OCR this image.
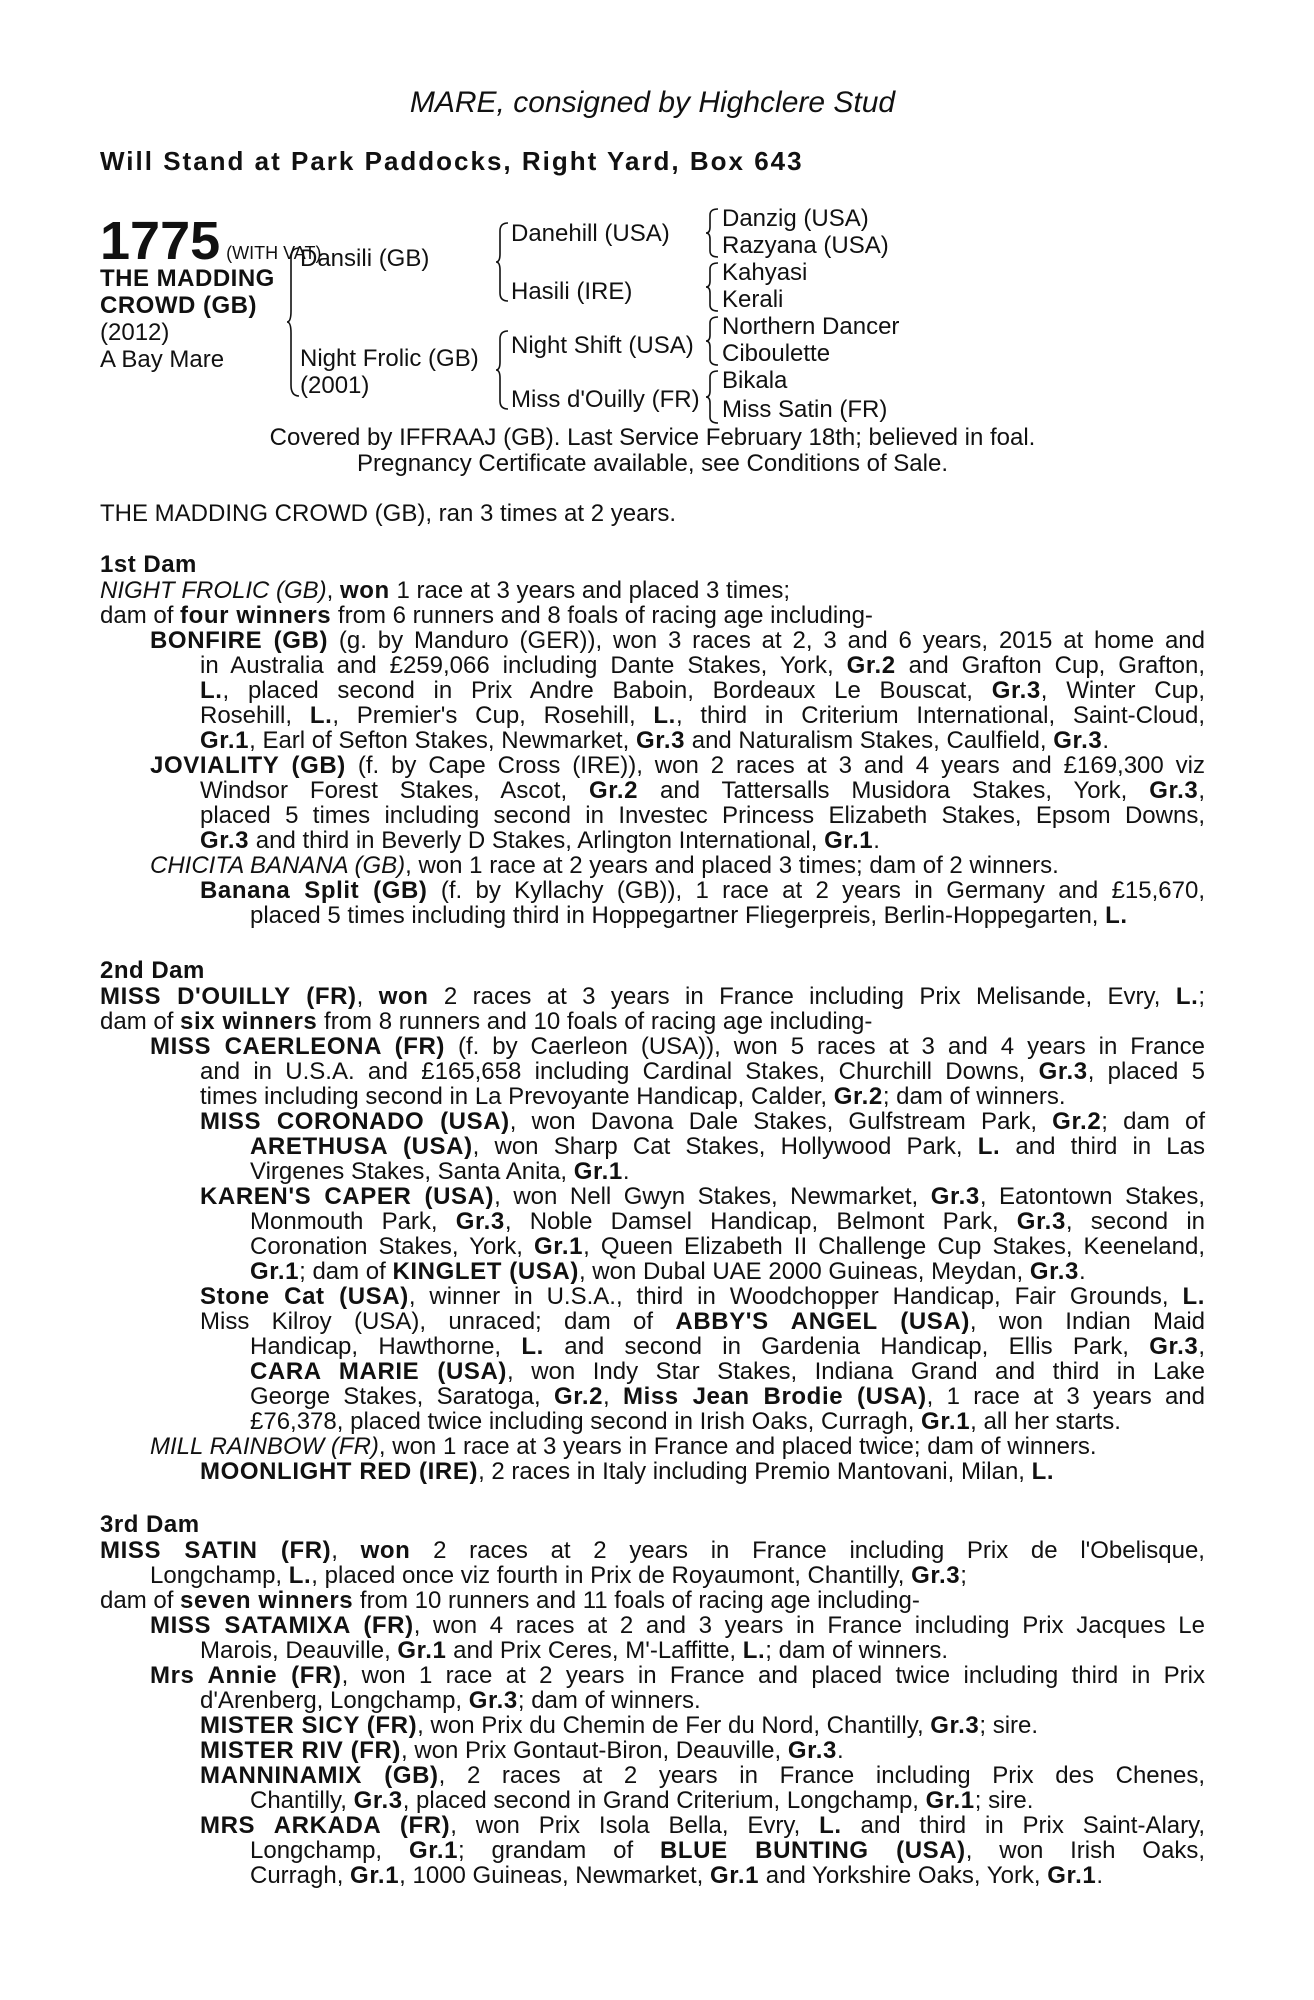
MARE, consigned by Highclere Stud
Will Stand at Park Paddocks, Right Yard, Box 643
1775 (WITH VAT)
THE MADDING
CROWD (GB)
(2012)
A Bay Mare
Dansili (GB)
Night Frolic (GB)
(2001)
Danehill (USA)
Hasili (IRE)
Night Shift (USA)
Miss d'Ouilly (FR)
Danzig (USA)
Razyana (USA)
Kahyasi
Kerali
Northern Dancer
Ciboulette
Bikala
Miss Satin (FR)
Covered by IFFRAAJ (GB). Last Service February 18th; believed in foal.
Pregnancy Certificate available, see Conditions of Sale.
THE MADDING CROWD (GB), ran 3 times at 2 years.
1st Dam
2nd Dam
3rd Dam
NIGHT FROLIC (GB), won 1 race at 3 years and placed 3 times;
dam of four winners from 6 runners and 8 foals of racing age including-
BONFIRE (GB) (g. by Manduro (GER)), won 3 races at 2, 3 and 6 years, 2015 at home and
in Australia and £259,066 including Dante Stakes, York, Gr.2 and Grafton Cup, Grafton,
L., placed second in Prix Andre Baboin, Bordeaux Le Bouscat, Gr.3, Winter Cup,
Rosehill, L., Premier's Cup, Rosehill, L., third in Criterium International, Saint-Cloud,
Gr.1, Earl of Sefton Stakes, Newmarket, Gr.3 and Naturalism Stakes, Caulfield, Gr.3.
JOVIALITY (GB) (f. by Cape Cross (IRE)), won 2 races at 3 and 4 years and £169,300 viz
Windsor Forest Stakes, Ascot, Gr.2 and Tattersalls Musidora Stakes, York, Gr.3,
placed 5 times including second in Investec Princess Elizabeth Stakes, Epsom Downs,
Gr.3 and third in Beverly D Stakes, Arlington International, Gr.1.
CHICITA BANANA (GB), won 1 race at 2 years and placed 3 times; dam of 2 winners.
Banana Split (GB) (f. by Kyllachy (GB)), 1 race at 2 years in Germany and £15,670,
placed 5 times including third in Hoppegartner Fliegerpreis, Berlin-Hoppegarten, L.
MISS D'OUILLY (FR), won 2 races at 3 years in France including Prix Melisande, Evry, L.;
dam of six winners from 8 runners and 10 foals of racing age including-
MISS CAERLEONA (FR) (f. by Caerleon (USA)), won 5 races at 3 and 4 years in France
and in U.S.A. and £165,658 including Cardinal Stakes, Churchill Downs, Gr.3, placed 5
times including second in La Prevoyante Handicap, Calder, Gr.2; dam of winners.
MISS CORONADO (USA), won Davona Dale Stakes, Gulfstream Park, Gr.2; dam of
ARETHUSA (USA), won Sharp Cat Stakes, Hollywood Park, L. and third in Las
Virgenes Stakes, Santa Anita, Gr.1.
KAREN'S CAPER (USA), won Nell Gwyn Stakes, Newmarket, Gr.3, Eatontown Stakes,
Monmouth Park, Gr.3, Noble Damsel Handicap, Belmont Park, Gr.3, second in
Coronation Stakes, York, Gr.1, Queen Elizabeth II Challenge Cup Stakes, Keeneland,
Gr.1; dam of KINGLET (USA), won Dubal UAE 2000 Guineas, Meydan, Gr.3.
Stone Cat (USA), winner in U.S.A., third in Woodchopper Handicap, Fair Grounds, L.
Miss Kilroy (USA), unraced; dam of ABBY'S ANGEL (USA), won Indian Maid
Handicap, Hawthorne, L. and second in Gardenia Handicap, Ellis Park, Gr.3,
CARA MARIE (USA), won Indy Star Stakes, Indiana Grand and third in Lake
George Stakes, Saratoga, Gr.2, Miss Jean Brodie (USA), 1 race at 3 years and
£76,378, placed twice including second in Irish Oaks, Curragh, Gr.1, all her starts.
MILL RAINBOW (FR), won 1 race at 3 years in France and placed twice; dam of winners.
MOONLIGHT RED (IRE), 2 races in Italy including Premio Mantovani, Milan, L.
MISS SATIN (FR), won 2 races at 2 years in France including Prix de l'Obelisque,
Longchamp, L., placed once viz fourth in Prix de Royaumont, Chantilly, Gr.3;
dam of seven winners from 10 runners and 11 foals of racing age including-
MISS SATAMIXA (FR), won 4 races at 2 and 3 years in France including Prix Jacques Le
Marois, Deauville, Gr.1 and Prix Ceres, M'-Laffitte, L.; dam of winners.
Mrs Annie (FR), won 1 race at 2 years in France and placed twice including third in Prix
d'Arenberg, Longchamp, Gr.3; dam of winners.
MISTER SICY (FR), won Prix du Chemin de Fer du Nord, Chantilly, Gr.3; sire.
MISTER RIV (FR), won Prix Gontaut-Biron, Deauville, Gr.3.
MANNINAMIX (GB), 2 races at 2 years in France including Prix des Chenes,
Chantilly, Gr.3, placed second in Grand Criterium, Longchamp, Gr.1; sire.
MRS ARKADA (FR), won Prix Isola Bella, Evry, L. and third in Prix Saint-Alary,
Longchamp, Gr.1; grandam of BLUE BUNTING (USA), won Irish Oaks,
Curragh, Gr.1, 1000 Guineas, Newmarket, Gr.1 and Yorkshire Oaks, York, Gr.1.
